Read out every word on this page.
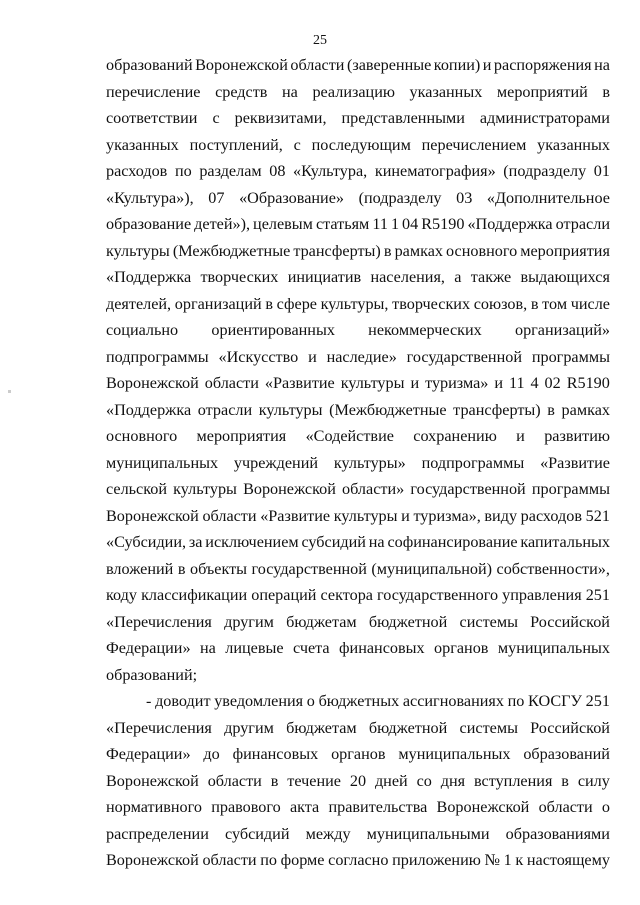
25
образований Воронежской области (заверенные копии) и распоряжения на
перечисление средств на реализацию указанных мероприятий в
соответствии с реквизитами, представленными администраторами
указанных поступлений, с последующим перечислением указанных
расходов по разделам 08 «Культура, кинематография» (подразделу 01
«Культура»), 07 «Образование» (подразделу 03 «Дополнительное
образование детей»), целевым статьям 11 1 04 R5190 «Поддержка отрасли
культуры (Межбюджетные трансферты) в рамках основного мероприятия
«Поддержка творческих инициатив населения, а также выдающихся
деятелей, организаций в сфере культуры, творческих союзов, в том числе
социально ориентированных некоммерческих организаций»
подпрограммы «Искусство и наследие» государственной программы
Воронежской области «Развитие культуры и туризма» и 11 4 02 R5190
«Поддержка отрасли культуры (Межбюджетные трансферты) в рамках
основного мероприятия «Содействие сохранению и развитию
муниципальных учреждений культуры» подпрограммы «Развитие
сельской культуры Воронежской области» государственной программы
Воронежской области «Развитие культуры и туризма», виду расходов 521
«Субсидии, за исключением субсидий на софинансирование капитальных
вложений в объекты государственной (муниципальной) собственности»,
коду классификации операций сектора государственного управления 251
«Перечисления другим бюджетам бюджетной системы Российской
Федерации» на лицевые счета финансовых органов муниципальных
образований;
- доводит уведомления о бюджетных ассигнованиях по КОСГУ 251
«Перечисления другим бюджетам бюджетной системы Российской
Федерации» до финансовых органов муниципальных образований
Воронежской области в течение 20 дней со дня вступления в силу
нормативного правового акта правительства Воронежской области о
распределении субсидий между муниципальными образованиями
Воронежской области по форме согласно приложению № 1 к настоящему
